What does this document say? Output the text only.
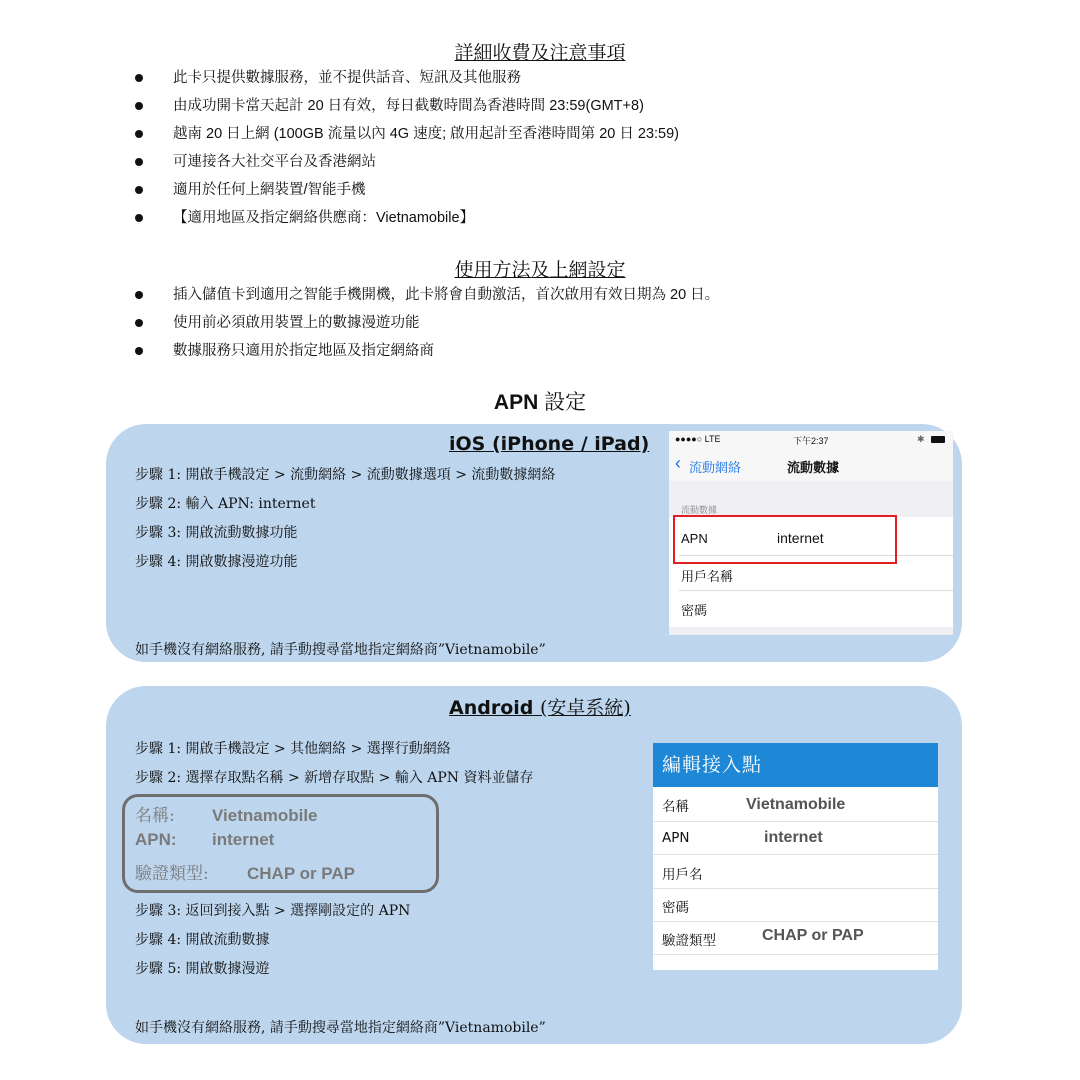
詳細收費及注意事項
此卡只提供數據服務，並不提供話音、短訊及其他服務
由成功開卡當天起計 20 日有效，每日截數時間為香港時間 23:59(GMT+8)
越南 20 日上網 (100GB 流量以內 4G 速度; 啟用起計至香港時間第 20 日 23:59)
可連接各大社交平台及香港網站
適用於任何上網裝置/智能手機
【適用地區及指定網絡供應商：Vietnamobile】
使用方法及上網設定
插入儲值卡到適用之智能手機開機，此卡將會自動激活，首次啟用有效日期為 20 日。
使用前必須啟用裝置上的數據漫遊功能
數據服務只適用於指定地區及指定網絡商
APN 設定
iOS (iPhone / iPad)
步驟 1: 開啟手機設定 > 流動網絡 > 流動數據選項 > 流動數據網絡
步驟 2: 輸入 APN: internet
步驟 3: 開啟流動數據功能
步驟 4: 開啟數據漫遊功能
如手機沒有網絡服務, 請手動搜尋當地指定網絡商”Vietnamobile”
●●●●○ LTE	下午2:37	✱
‹ 流動網絡	流動數據
流動數據
APN	internet
用戶名稱
密碼
Android (安卓系統)
步驟 1: 開啟手機設定 > 其他網絡 > 選擇行動網絡
步驟 2: 選擇存取點名稱 > 新增存取點 > 輸入 APN 資料並儲存
名稱: Vietnamobile
APN: internet
驗證類型: CHAP or PAP
步驟 3: 返回到接入點 > 選擇剛設定的 APN
步驟 4: 開啟流動數據
步驟 5: 開啟數據漫遊
如手機沒有網絡服務, 請手動搜尋當地指定網絡商”Vietnamobile”
編輯接入點
名稱	Vietnamobile
APN	internet
用戶名
密碼
驗證類型	CHAP or PAP
